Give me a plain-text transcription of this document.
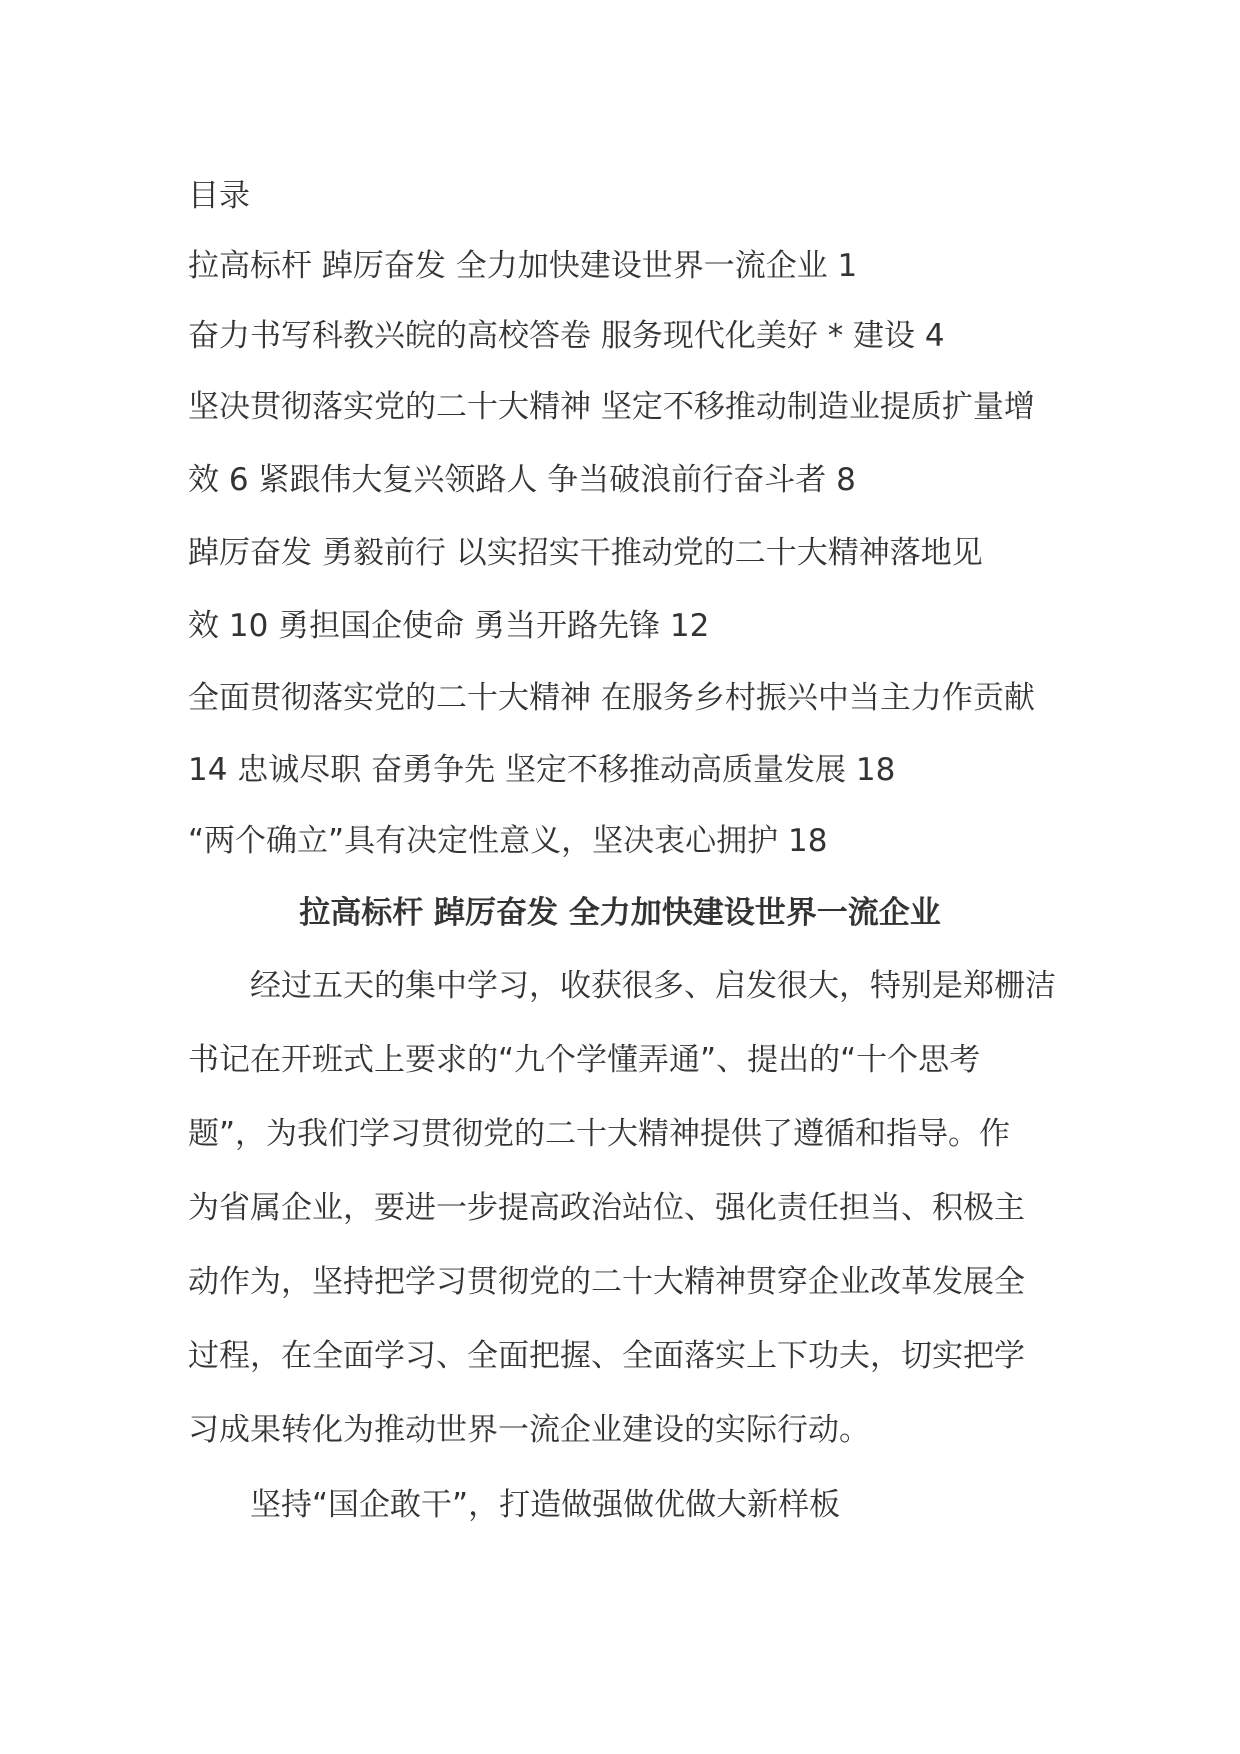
目录
拉高标杆 踔厉奋发 全力加快建设世界一流企业 1
奋力书写科教兴皖的高校答卷 服务现代化美好 * 建设 4
坚决贯彻落实党的二十大精神 坚定不移推动制造业提质扩量增
效 6 紧跟伟大复兴领路人 争当破浪前行奋斗者 8
踔厉奋发 勇毅前行 以实招实干推动党的二十大精神落地见
效 10 勇担国企使命 勇当开路先锋 12
全面贯彻落实党的二十大精神 在服务乡村振兴中当主力作贡献
14 忠诚尽职 奋勇争先 坚定不移推动高质量发展 18
“两个确立”具有决定性意义，坚决衷心拥护 18
拉高标杆 踔厉奋发 全力加快建设世界一流企业
　　经过五天的集中学习，收获很多、启发很大，特别是郑栅洁
书记在开班式上要求的“九个学懂弄通”、提出的“十个思考
题”，为我们学习贯彻党的二十大精神提供了遵循和指导。作
为省属企业，要进一步提高政治站位、强化责任担当、积极主
动作为，坚持把学习贯彻党的二十大精神贯穿企业改革发展全
过程，在全面学习、全面把握、全面落实上下功夫，切实把学
习成果转化为推动世界一流企业建设的实际行动。
　　坚持“国企敢干”，打造做强做优做大新样板
